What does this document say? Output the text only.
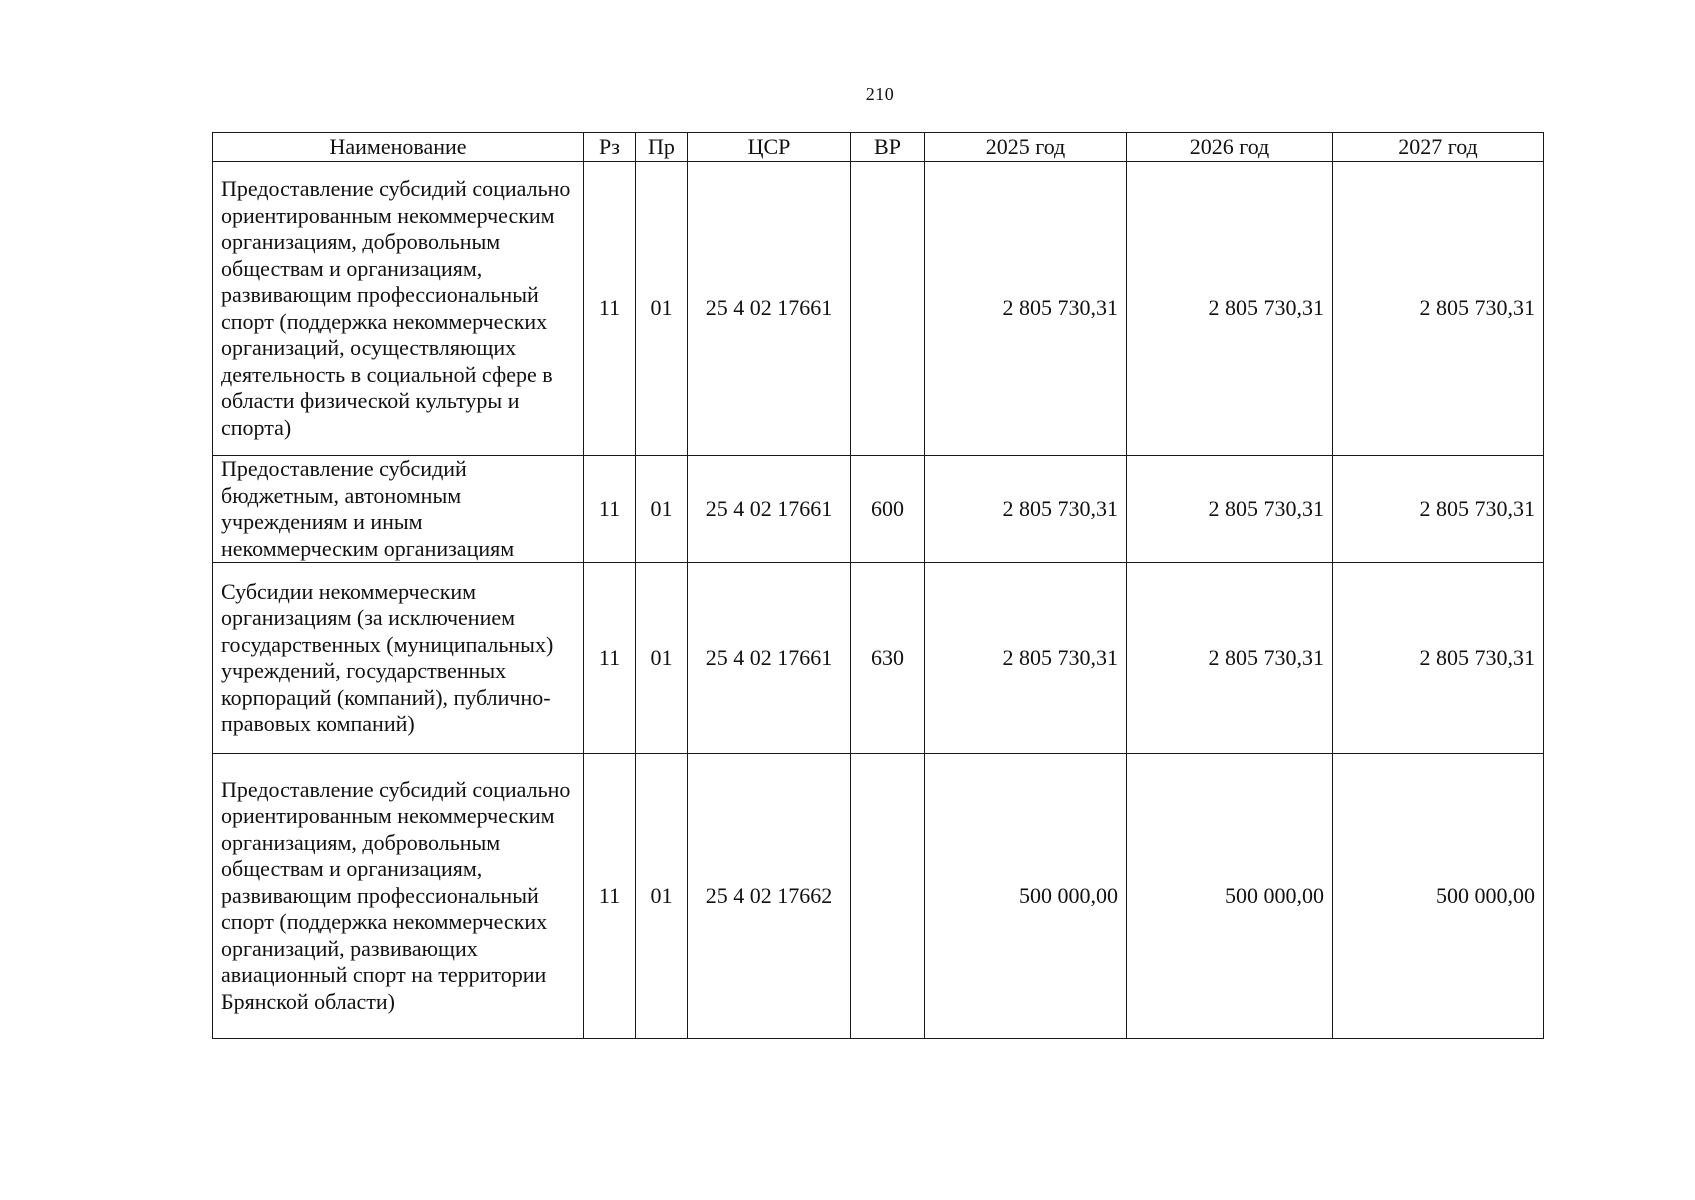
210
Наименование	Рз	Пр	ЦСР	ВР	2025 год	2026 год	2027 год
Предоставление субсидий социально ориентированным некоммерческим организациям, добровольным обществам и организациям, развивающим профессиональный спорт (поддержка некоммерческих организаций, осуществляющих деятельность в социальной сфере в области физической культуры и спорта)	11	01	25 4 02 17661		2 805 730,31	2 805 730,31	2 805 730,31
Предоставление субсидий бюджетным, автономным учреждениям и иным некоммерческим организациям	11	01	25 4 02 17661	600	2 805 730,31	2 805 730,31	2 805 730,31
Субсидии некоммерческим организациям (за исключением государственных (муниципальных) учреждений, государственных корпораций (компаний), публично-правовых компаний)	11	01	25 4 02 17661	630	2 805 730,31	2 805 730,31	2 805 730,31
Предоставление субсидий социально ориентированным некоммерческим организациям, добровольным обществам и организациям, развивающим профессиональный спорт (поддержка некоммерческих организаций, развивающих авиационный спорт на территории Брянской области)	11	01	25 4 02 17662		500 000,00	500 000,00	500 000,00
